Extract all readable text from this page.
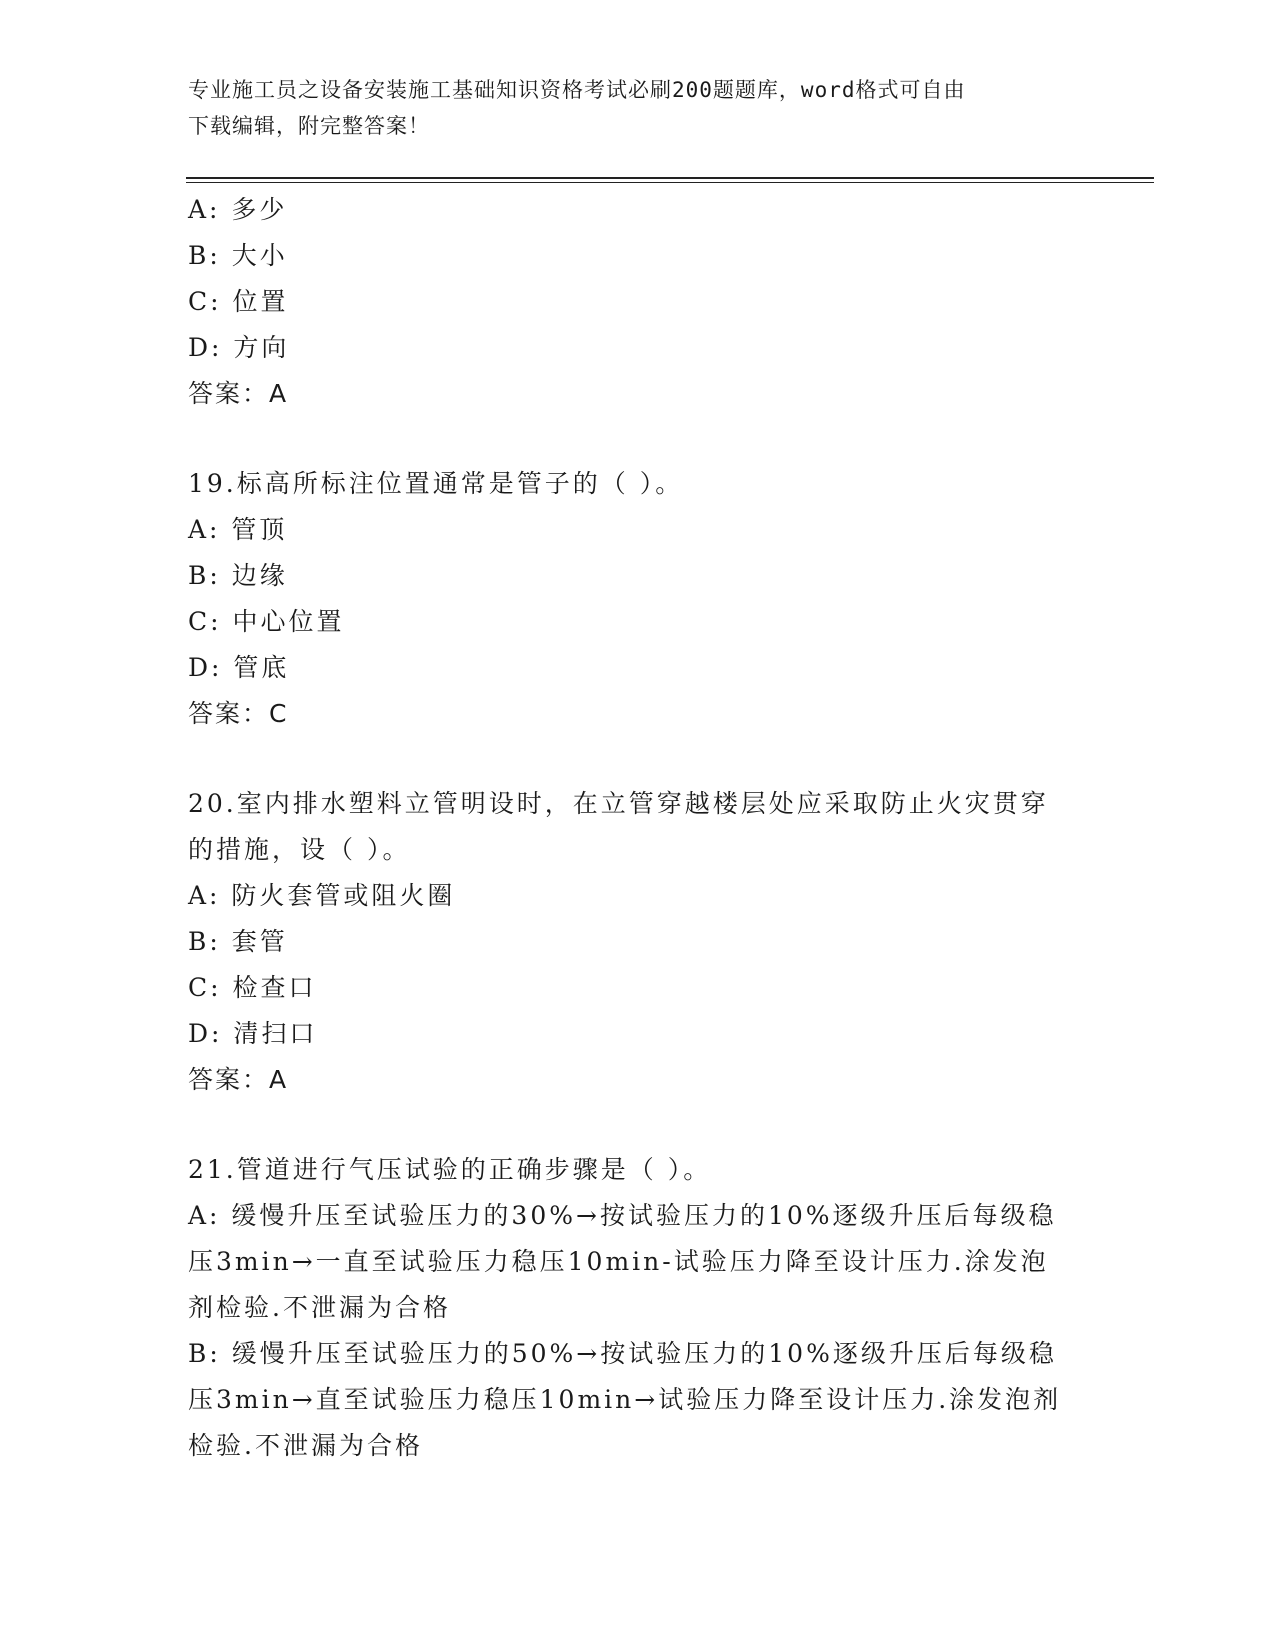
专业施工员之设备安装施工基础知识资格考试必刷200题题库，word格式可自由
下载编辑，附完整答案！
A: 多少
B: 大小
C: 位置
D: 方向
答案：A
19.标高所标注位置通常是管子的（ ）。
A: 管顶
B: 边缘
C: 中心位置
D: 管底
答案：C
20.室内排水塑料立管明设时，在立管穿越楼层处应采取防止火灾贯穿
的措施，设（ ）。
A: 防火套管或阻火圈
B: 套管
C: 检查口
D: 清扫口
答案：A
21.管道进行气压试验的正确步骤是（ ）。
A: 缓慢升压至试验压力的30%→按试验压力的10%逐级升压后每级稳
压3min→一直至试验压力稳压10min-试验压力降至设计压力.涂发泡
剂检验.不泄漏为合格
B: 缓慢升压至试验压力的50%→按试验压力的10%逐级升压后每级稳
压3min→直至试验压力稳压10min→试验压力降至设计压力.涂发泡剂
检验.不泄漏为合格
